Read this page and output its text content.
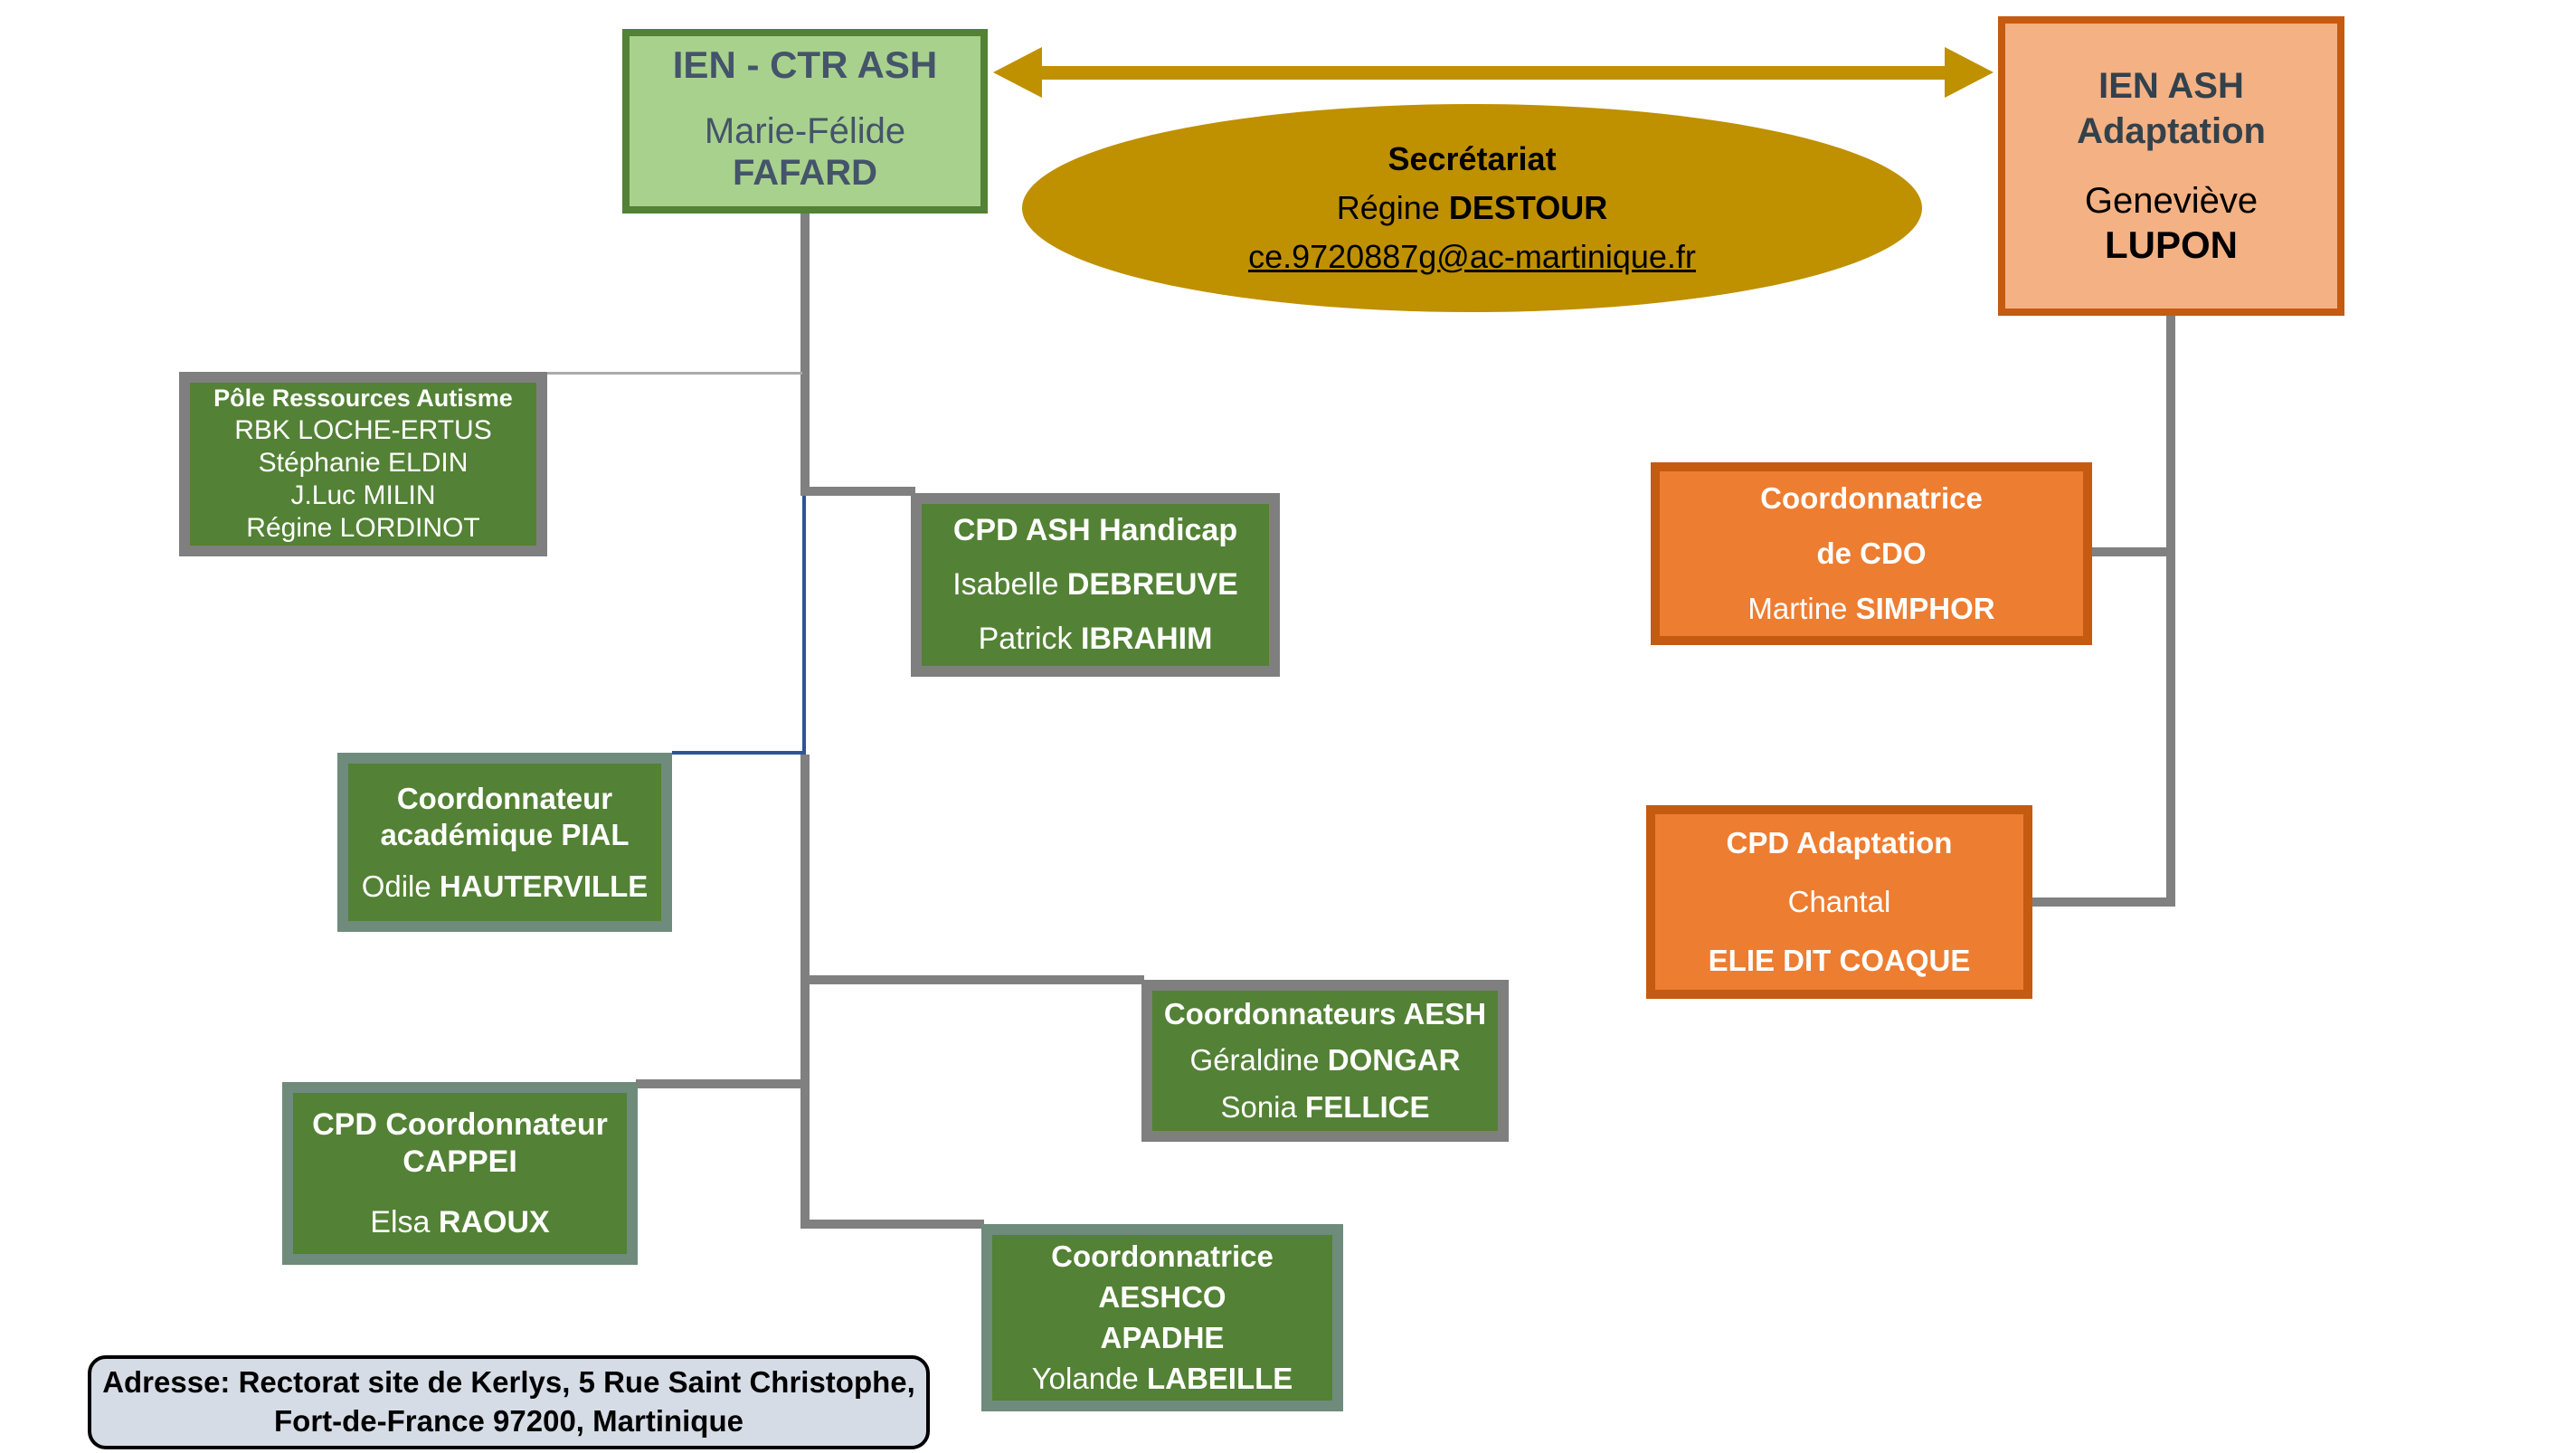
IEN - CTR ASH
Marie-Félide
FAFARD	Secrétariat
Régine DESTOUR
ce.9720887g@ac-martinique.fr
IEN ASH
Adaptation
Geneviève
LUPON
Pôle Ressources Autisme
RBK LOCHE-ERTUS
Stéphanie ELDIN
J.Luc MILIN
Régine LORDINOT	CPD ASH Handicap
Isabelle DEBREUVE
Patrick IBRAHIM
Coordonnateur
académique PIAL
Odile HAUTERVILLE
CPD Coordonnateur
CAPPEI
Elsa RAOUX
Coordonnateurs AESH
Géraldine DONGAR
Sonia FELLICE
Coordonnatrice
AESHCO
APADHE
Yolande LABEILLE
Coordonnatrice
de CDO
Martine SIMPHOR
CPD Adaptation
Chantal
ELIE DIT COAQUE
Adresse: Rectorat site de Kerlys, 5 Rue Saint Christophe,
Fort-de-France 97200, Martinique
